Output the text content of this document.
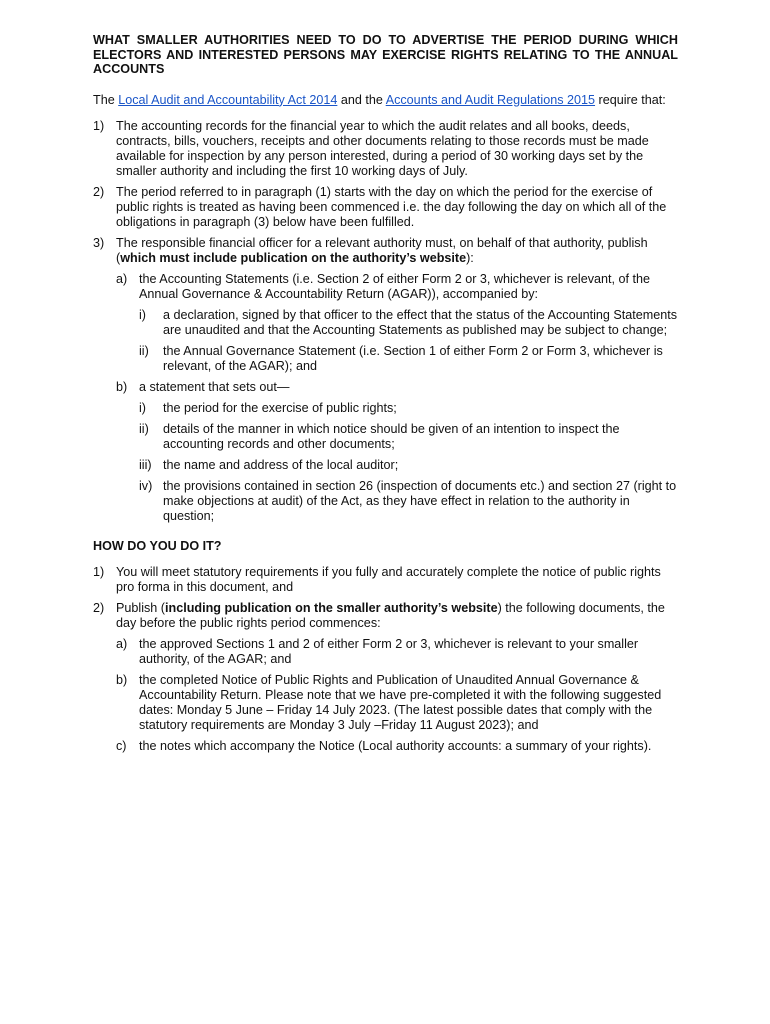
WHAT SMALLER AUTHORITIES NEED TO DO TO ADVERTISE THE PERIOD DURING WHICH ELECTORS AND INTERESTED PERSONS MAY EXERCISE RIGHTS RELATING TO THE ANNUAL ACCOUNTS

The Local Audit and Accountability Act 2014 and the Accounts and Audit Regulations 2015 require that:

1) The accounting records for the financial year to which the audit relates and all books, deeds, contracts, bills, vouchers, receipts and other documents relating to those records must be made available for inspection by any person interested, during a period of 30 working days set by the smaller authority and including the first 10 working days of July.
2) The period referred to in paragraph (1) starts with the day on which the period for the exercise of public rights is treated as having been commenced i.e. the day following the day on which all of the obligations in paragraph (3) below have been fulfilled.
3) The responsible financial officer for a relevant authority must, on behalf of that authority, publish (which must include publication on the authority’s website):
a) the Accounting Statements (i.e. Section 2 of either Form 2 or 3, whichever is relevant, of the Annual Governance & Accountability Return (AGAR)), accompanied by:
i) a declaration, signed by that officer to the effect that the status of the Accounting Statements are unaudited and that the Accounting Statements as published may be subject to change;
ii) the Annual Governance Statement (i.e. Section 1 of either Form 2 or Form 3, whichever is relevant, of the AGAR); and
b) a statement that sets out—
i) the period for the exercise of public rights;
ii) details of the manner in which notice should be given of an intention to inspect the accounting records and other documents;
iii) the name and address of the local auditor;
iv) the provisions contained in section 26 (inspection of documents etc.) and section 27 (right to make objections at audit) of the Act, as they have effect in relation to the authority in question;
HOW DO YOU DO IT?
1) You will meet statutory requirements if you fully and accurately complete the notice of public rights pro forma in this document, and
2) Publish (including publication on the smaller authority’s website) the following documents, the day before the public rights period commences:
a) the approved Sections 1 and 2 of either Form 2 or 3, whichever is relevant to your smaller authority, of the AGAR; and
b) the completed Notice of Public Rights and Publication of Unaudited Annual Governance & Accountability Return. Please note that we have pre-completed it with the following suggested dates: Monday 5 June – Friday 14 July 2023. (The latest possible dates that comply with the statutory requirements are Monday 3 July –Friday 11 August 2023); and
c) the notes which accompany the Notice (Local authority accounts: a summary of your rights).
